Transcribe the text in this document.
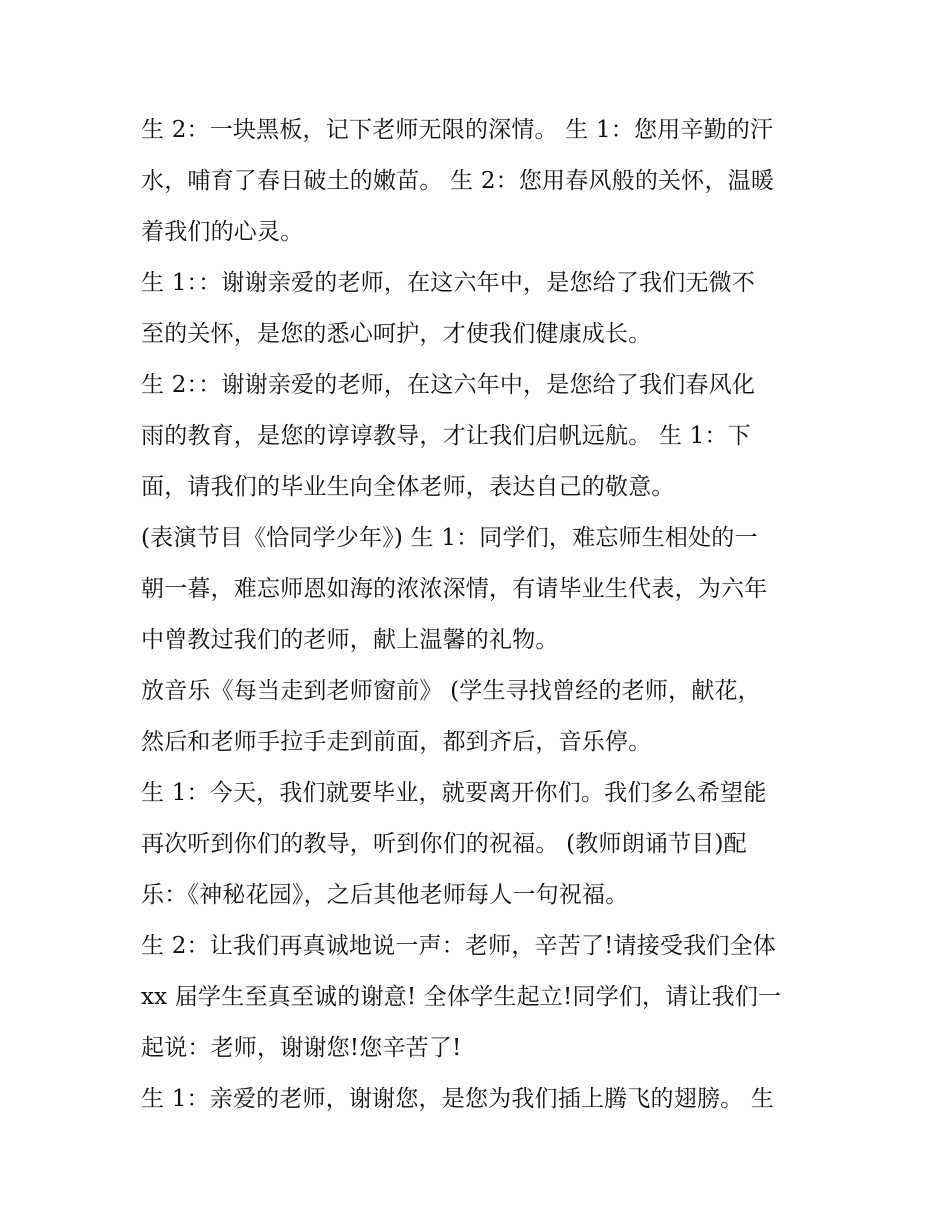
生 2：一块黑板，记下老师无限的深情。 生 1：您用辛勤的汗
水，哺育了春日破土的嫩苗。 生 2：您用春风般的关怀，温暖
着我们的心灵。
生 1：：谢谢亲爱的老师，在这六年中，是您给了我们无微不
至的关怀，是您的悉心呵护，才使我们健康成长。
生 2：：谢谢亲爱的老师，在这六年中，是您给了我们春风化
雨的教育，是您的谆谆教导，才让我们启帆远航。 生 1：下
面，请我们的毕业生向全体老师，表达自己的敬意。
(表演节目《恰同学少年》) 生 1：同学们，难忘师生相处的一
朝一暮，难忘师恩如海的浓浓深情，有请毕业生代表，为六年
中曾教过我们的老师，献上温馨的礼物。
放音乐《每当走到老师窗前》 (学生寻找曾经的老师，献花，
然后和老师手拉手走到前面，都到齐后，音乐停。
生 1：今天，我们就要毕业，就要离开你们。我们多么希望能
再次听到你们的教导，听到你们的祝福。 (教师朗诵节目)配
乐：《神秘花园》，之后其他老师每人一句祝福。
生 2：让我们再真诚地说一声：老师，辛苦了!请接受我们全体
xx 届学生至真至诚的谢意! 全体学生起立!同学们，请让我们一
起说：老师，谢谢您!您辛苦了!
生 1：亲爱的老师，谢谢您，是您为我们插上腾飞的翅膀。 生
